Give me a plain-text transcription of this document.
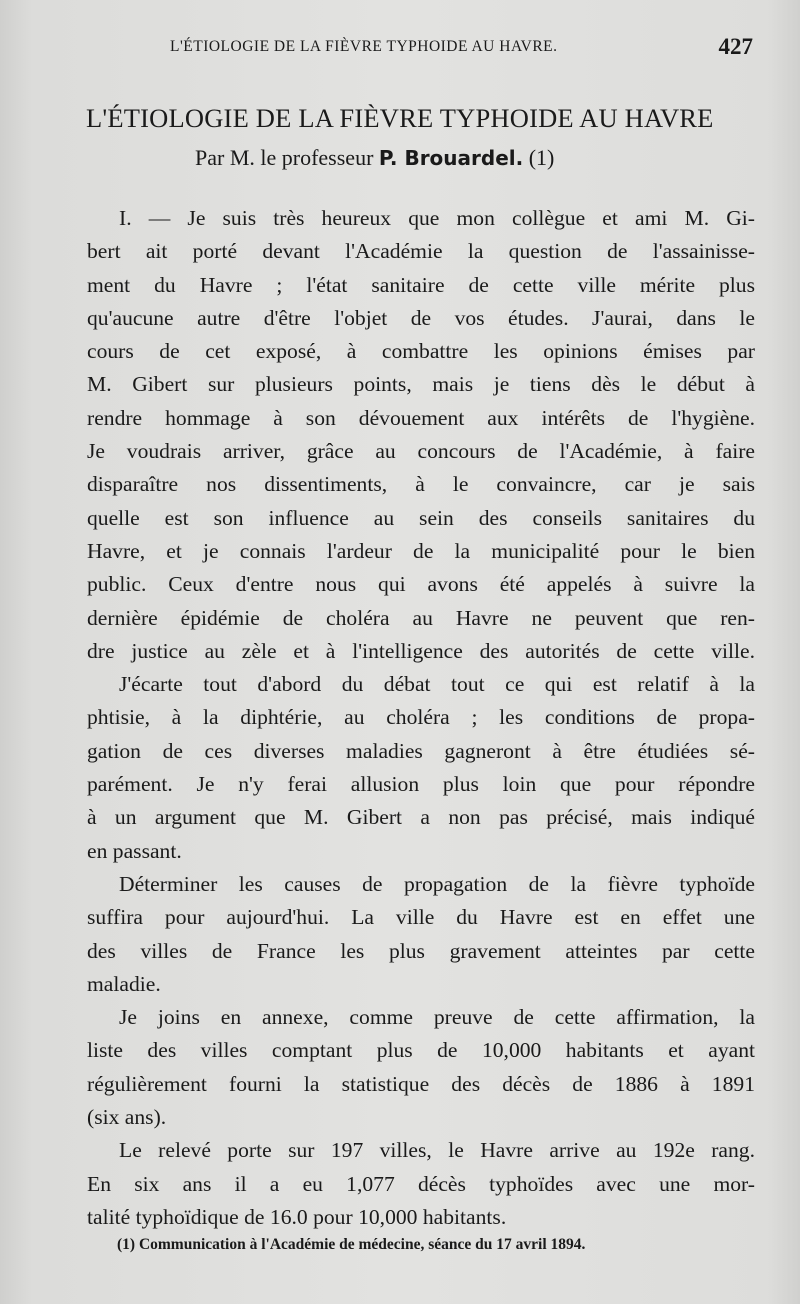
L'ÉTIOLOGIE DE LA FIÈVRE TYPHOIDE AU HAVRE.	427
L'ÉTIOLOGIE DE LA FIÈVRE TYPHOIDE AU HAVRE
Par M. le professeur P. Brouardel. (1)
I. — Je suis très heureux que mon collègue et ami M. Gi-
bert ait porté devant l'Académie la question de l'assainisse-
ment du Havre ; l'état sanitaire de cette ville mérite plus
qu'aucune autre d'être l'objet de vos études. J'aurai, dans le
cours de cet exposé, à combattre les opinions émises par
M. Gibert sur plusieurs points, mais je tiens dès le début à
rendre hommage à son dévouement aux intérêts de l'hygiène.
Je voudrais arriver, grâce au concours de l'Académie, à faire
disparaître nos dissentiments, à le convaincre, car je sais
quelle est son influence au sein des conseils sanitaires du
Havre, et je connais l'ardeur de la municipalité pour le bien
public. Ceux d'entre nous qui avons été appelés à suivre la
dernière épidémie de choléra au Havre ne peuvent que ren-
dre justice au zèle et à l'intelligence des autorités de cette ville.
J'écarte tout d'abord du débat tout ce qui est relatif à la
phtisie, à la diphtérie, au choléra ; les conditions de propa-
gation de ces diverses maladies gagneront à être étudiées sé-
parément. Je n'y ferai allusion plus loin que pour répondre
à un argument que M. Gibert a non pas précisé, mais indiqué
en passant.
Déterminer les causes de propagation de la fièvre typhoïde
suffira pour aujourd'hui. La ville du Havre est en effet une
des villes de France les plus gravement atteintes par cette
maladie.
Je joins en annexe, comme preuve de cette affirmation, la
liste des villes comptant plus de 10,000 habitants et ayant
régulièrement fourni la statistique des décès de 1886 à 1891
(six ans).
Le relevé porte sur 197 villes, le Havre arrive au 192e rang.
En six ans il a eu 1,077 décès typhoïdes avec une mor-
talité typhoïdique de 16.0 pour 10,000 habitants.
(1) Communication à l'Académie de médecine, séance du 17 avril 1894.
